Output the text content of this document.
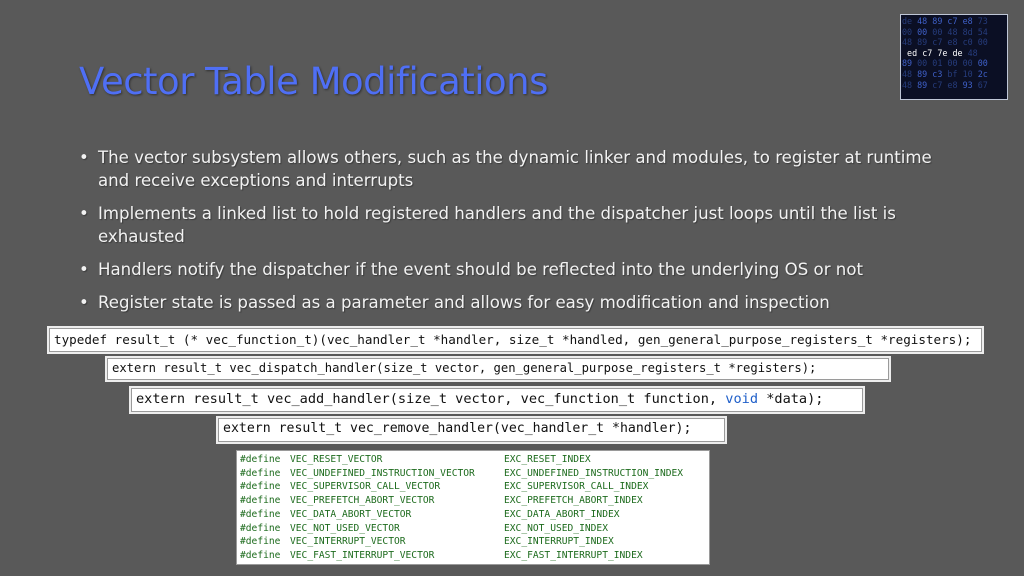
de 48 89 c7 e8 73
00 00 00 48 8d 54
48 89 c7 e8 c0 00
ed c7 7e de 48
89 00 01 00 00 00
48 89 c3 bf 10 2c
48 89 c7 e8 93 67
Vector Table Modifications
• The vector subsystem allows others, such as the dynamic linker and modules, to register at runtime and receive exceptions and interrupts
• Implements a linked list to hold registered handlers and the dispatcher just loops until the list is exhausted
• Handlers notify the dispatcher if the event should be reflected into the underlying OS or not
• Register state is passed as a parameter and allows for easy modification and inspection
typedef result_t (* vec_function_t)(vec_handler_t *handler, size_t *handled, gen_general_purpose_registers_t *registers);
extern result_t vec_dispatch_handler(size_t vector, gen_general_purpose_registers_t *registers);
extern result_t vec_add_handler(size_t vector, vec_function_t function, void *data);
extern result_t vec_remove_handler(vec_handler_t *handler);
#define VEC_RESET_VECTOR	EXC_RESET_INDEX
#define VEC_UNDEFINED_INSTRUCTION_VECTOR	EXC_UNDEFINED_INSTRUCTION_INDEX
#define VEC_SUPERVISOR_CALL_VECTOR	EXC_SUPERVISOR_CALL_INDEX
#define VEC_PREFETCH_ABORT_VECTOR	EXC_PREFETCH_ABORT_INDEX
#define VEC_DATA_ABORT_VECTOR	EXC_DATA_ABORT_INDEX
#define VEC_NOT_USED_VECTOR	EXC_NOT_USED_INDEX
#define VEC_INTERRUPT_VECTOR	EXC_INTERRUPT_INDEX
#define VEC_FAST_INTERRUPT_VECTOR	EXC_FAST_INTERRUPT_INDEX
